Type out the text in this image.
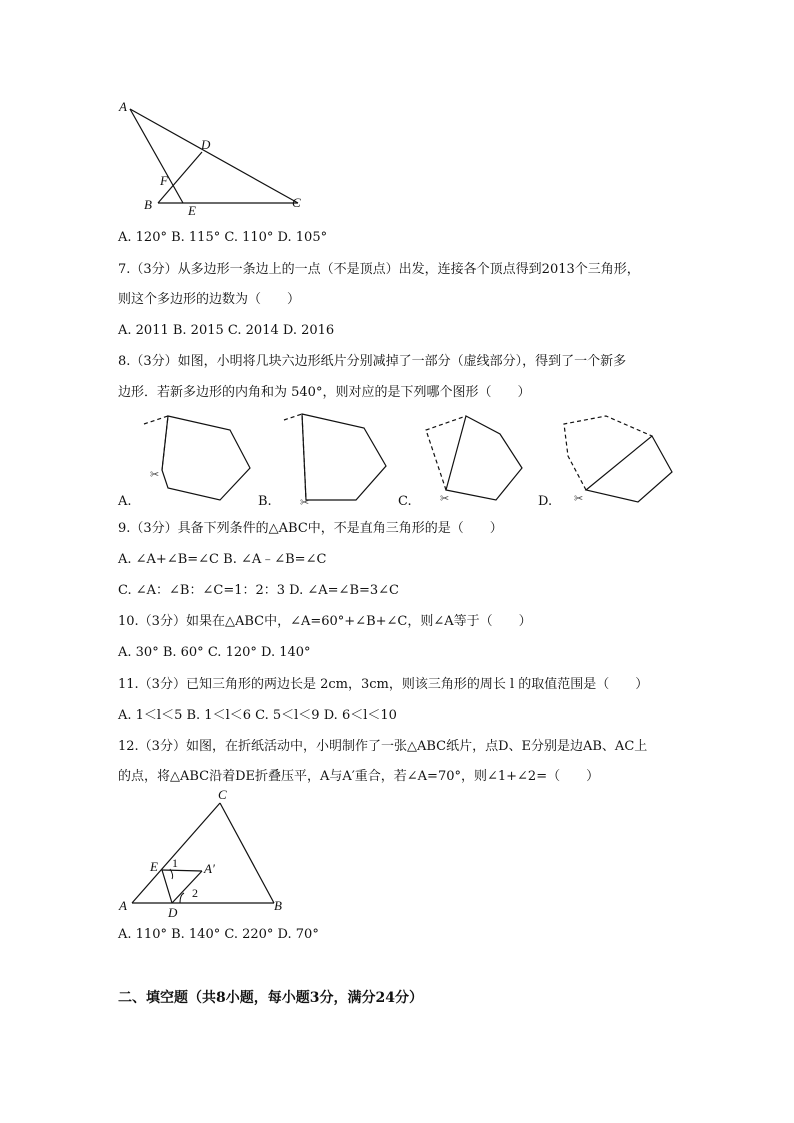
A
D
F
B	E
C
A. 120° B. 115° C. 110° D. 105°
7.（3分）从多边形一条边上的一点（不是顶点）出发，连接各个顶点得到2013个三角形，
则这个多边形的边数为（　　）
A. 2011 B. 2015 C. 2014 D. 2016
8.（3分）如图，小明将几块六边形纸片分别减掉了一部分（虚线部分），得到了一个新多
边形．若新多边形的内角和为 540°，则对应的是下列哪个图形（　　）
A.
✂
B.	✂	C.	✂	D. ✂
9.（3分）具备下列条件的△ABC中，不是直角三角形的是（　　）
A. ∠A+∠B=∠C B. ∠A﹣∠B=∠C
C. ∠A：∠B：∠C=1：2：3 D. ∠A=∠B=3∠C
10.（3分）如果在△ABC中，∠A=60°+∠B+∠C，则∠A等于（　　）
A. 30° B. 60° C. 120° D. 140°
11.（3分）已知三角形的两边长是 2cm，3cm，则该三角形的周长 l 的取值范围是（　　）
A. 1＜l＜5 B. 1＜l＜6 C. 5＜l＜9 D. 6＜l＜10
12.（3分）如图，在折纸活动中，小明制作了一张△ABC纸片，点D、E分别是边AB、AC上
的点，将△ABC沿着DE折叠压平，A与A′重合，若∠A=70°，则∠1+∠2=（　　）
C
E 1 A′
2
A	D	B
A. 110° B. 140° C. 220° D. 70°
二、填空题（共8小题，每小题3分，满分24分）
